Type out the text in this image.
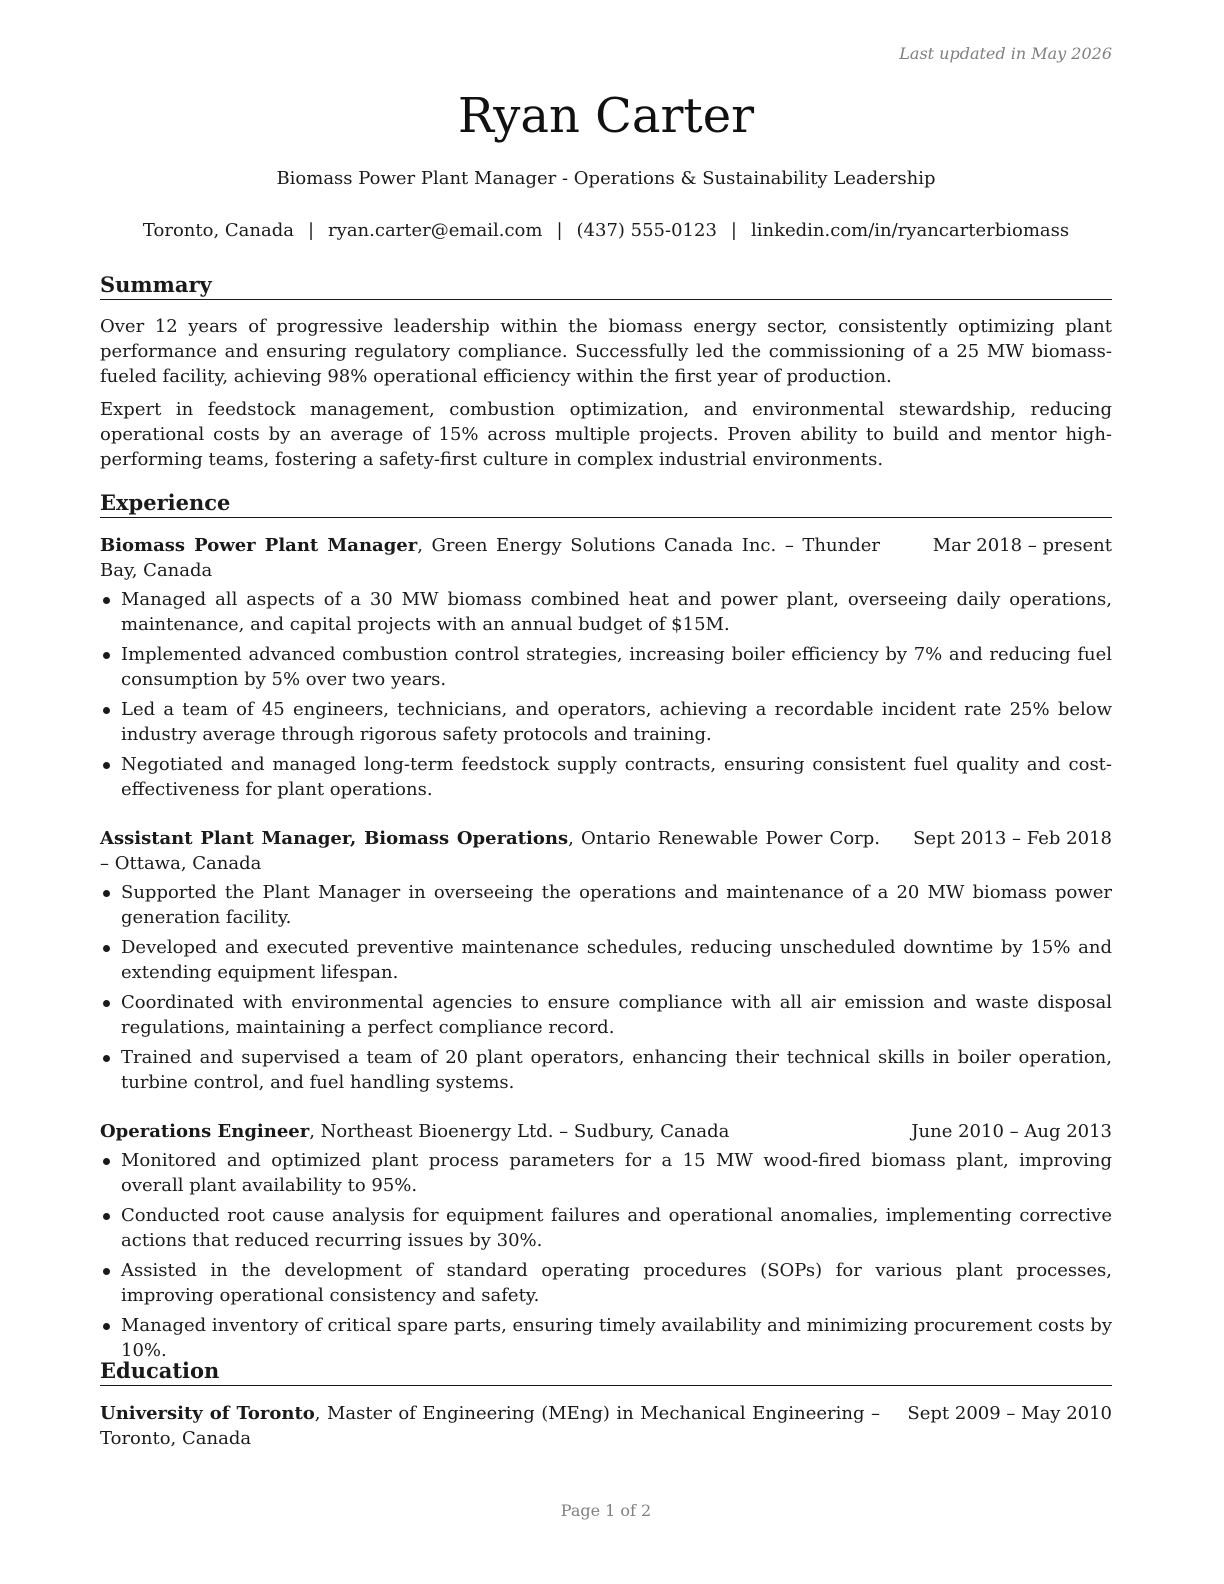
Last updated in May 2026
Ryan Carter
Biomass Power Plant Manager - Operations & Sustainability Leadership
Toronto, Canada | ryan.carter@email.com | (437) 555-0123 | linkedin.com/in/ryancarterbiomass
Summary

Over 12 years of progressive leadership within the biomass energy sector, consistently optimizing plant performance and ensuring regulatory compliance. Successfully led the commissioning of a 25 MW biomass-fueled facility, achieving 98% operational efficiency within the first year of production.

Expert in feedstock management, combustion optimization, and environmental stewardship, reducing operational costs by an average of 15% across multiple projects. Proven ability to build and mentor high-performing teams, fostering a safety-first culture in complex industrial environments.

Experience
Biomass Power Plant Manager, Green Energy Solutions Canada Inc. – Thunder Bay, Canada
Mar 2018 – present
Managed all aspects of a 30 MW biomass combined heat and power plant, overseeing daily operations, maintenance, and capital projects with an annual budget of $15M.
Implemented advanced combustion control strategies, increasing boiler efficiency by 7% and reducing fuel consumption by 5% over two years.
Led a team of 45 engineers, technicians, and operators, achieving a recordable incident rate 25% below industry average through rigorous safety protocols and training.
Negotiated and managed long-term feedstock supply contracts, ensuring consistent fuel quality and cost-effectiveness for plant operations.
Assistant Plant Manager, Biomass Operations, Ontario Renewable Power Corp. – Ottawa, Canada
Sept 2013 – Feb 2018
Supported the Plant Manager in overseeing the operations and maintenance of a 20 MW biomass power generation facility.
Developed and executed preventive maintenance schedules, reducing unscheduled downtime by 15% and extending equipment lifespan.
Coordinated with environmental agencies to ensure compliance with all air emission and waste disposal regulations, maintaining a perfect compliance record.
Trained and supervised a team of 20 plant operators, enhancing their technical skills in boiler operation, turbine control, and fuel handling systems.
Operations Engineer, Northeast Bioenergy Ltd. – Sudbury, Canada	June 2010 – Aug 2013
Monitored and optimized plant process parameters for a 15 MW wood-fired biomass plant, improving overall plant availability to 95%.
Conducted root cause analysis for equipment failures and operational anomalies, implementing corrective actions that reduced recurring issues by 30%.
Assisted in the development of standard operating procedures (SOPs) for various plant processes, improving operational consistency and safety.
Managed inventory of critical spare parts, ensuring timely availability and minimizing procurement costs by 10%.
Education
University of Toronto, Master of Engineering (MEng) in Mechanical Engineering – Toronto, Canada
Sept 2009 – May 2010
Page 1 of 2
